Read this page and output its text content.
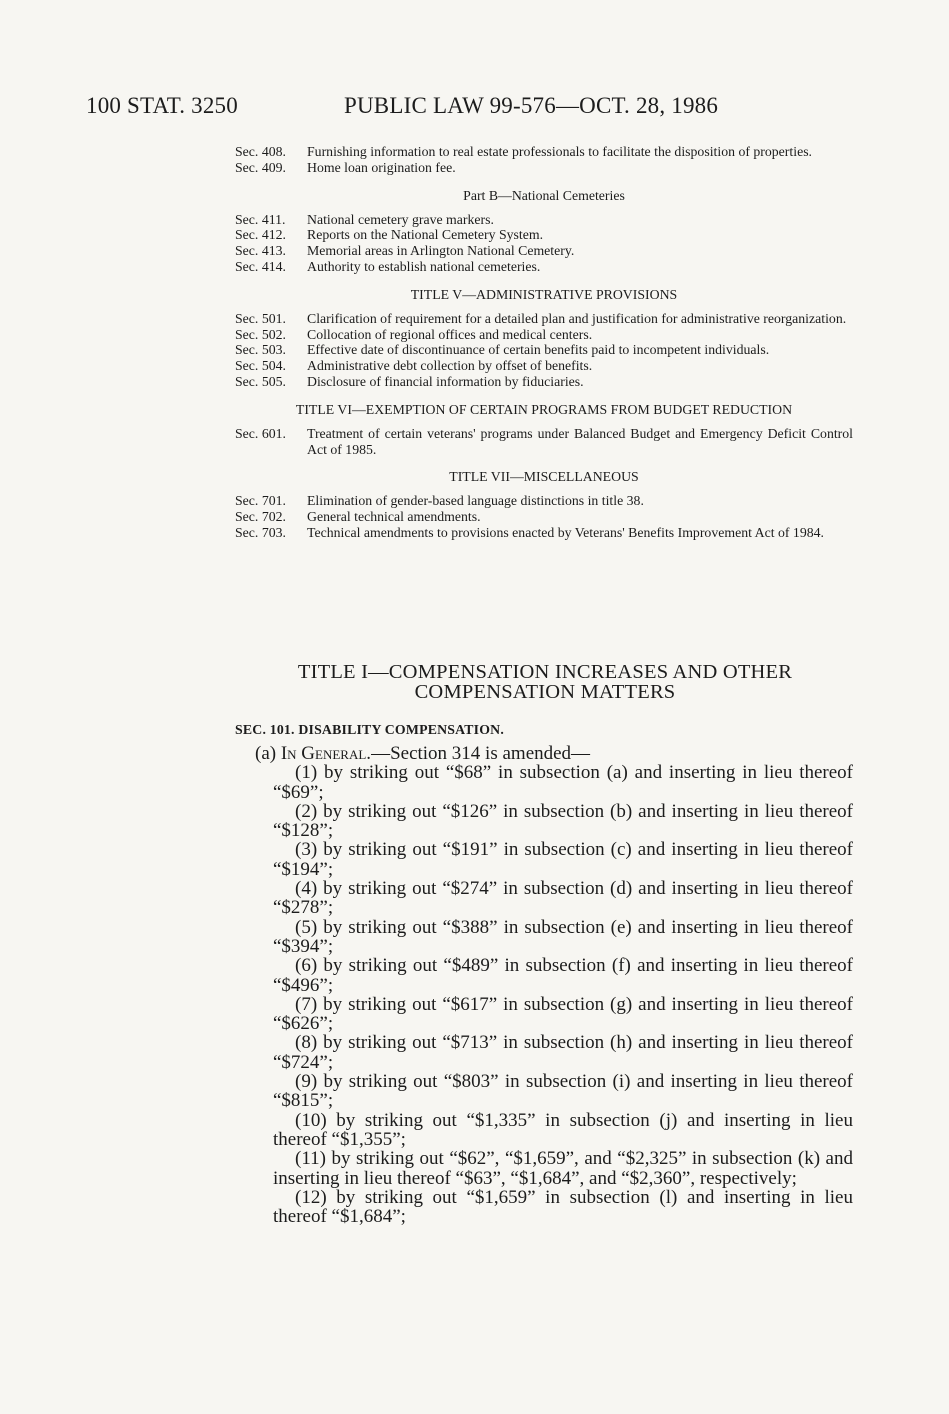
100 STAT. 3250	PUBLIC LAW 99-576—OCT. 28, 1986

Sec. 408. Furnishing information to real estate professionals to facilitate the disposition of properties.

Sec. 409. Home loan origination fee.

Part B—National Cemeteries

Sec. 411. National cemetery grave markers.

Sec. 412. Reports on the National Cemetery System.

Sec. 413. Memorial areas in Arlington National Cemetery.

Sec. 414. Authority to establish national cemeteries.

TITLE V—ADMINISTRATIVE PROVISIONS

Sec. 501. Clarification of requirement for a detailed plan and justification for administrative reorganization.

Sec. 502. Collocation of regional offices and medical centers.

Sec. 503. Effective date of discontinuance of certain benefits paid to incompetent individuals.

Sec. 504. Administrative debt collection by offset of benefits.

Sec. 505. Disclosure of financial information by fiduciaries.

TITLE VI—EXEMPTION OF CERTAIN PROGRAMS FROM BUDGET REDUCTION

Sec. 601. Treatment of certain veterans' programs under Balanced Budget and Emergency Deficit Control Act of 1985.

TITLE VII—MISCELLANEOUS

Sec. 701. Elimination of gender-based language distinctions in title 38.

Sec. 702. General technical amendments.

Sec. 703. Technical amendments to provisions enacted by Veterans' Benefits Improvement Act of 1984.

TITLE I—COMPENSATION INCREASES AND OTHER COMPENSATION MATTERS
SEC. 101. DISABILITY COMPENSATION.

(a) In General.—Section 314 is amended—

(1) by striking out “$68” in subsection (a) and inserting in lieu thereof “$69”;

(2) by striking out “$126” in subsection (b) and inserting in lieu thereof “$128”;

(3) by striking out “$191” in subsection (c) and inserting in lieu thereof “$194”;

(4) by striking out “$274” in subsection (d) and inserting in lieu thereof “$278”;

(5) by striking out “$388” in subsection (e) and inserting in lieu thereof “$394”;

(6) by striking out “$489” in subsection (f) and inserting in lieu thereof “$496”;

(7) by striking out “$617” in subsection (g) and inserting in lieu thereof “$626”;

(8) by striking out “$713” in subsection (h) and inserting in lieu thereof “$724”;

(9) by striking out “$803” in subsection (i) and inserting in lieu thereof “$815”;

(10) by striking out “$1,335” in subsection (j) and inserting in lieu thereof “$1,355”;

(11) by striking out “$62”, “$1,659”, and “$2,325” in subsection (k) and inserting in lieu thereof “$63”, “$1,684”, and “$2,360”, respectively;

(12) by striking out “$1,659” in subsection (l) and inserting in lieu thereof “$1,684”;
